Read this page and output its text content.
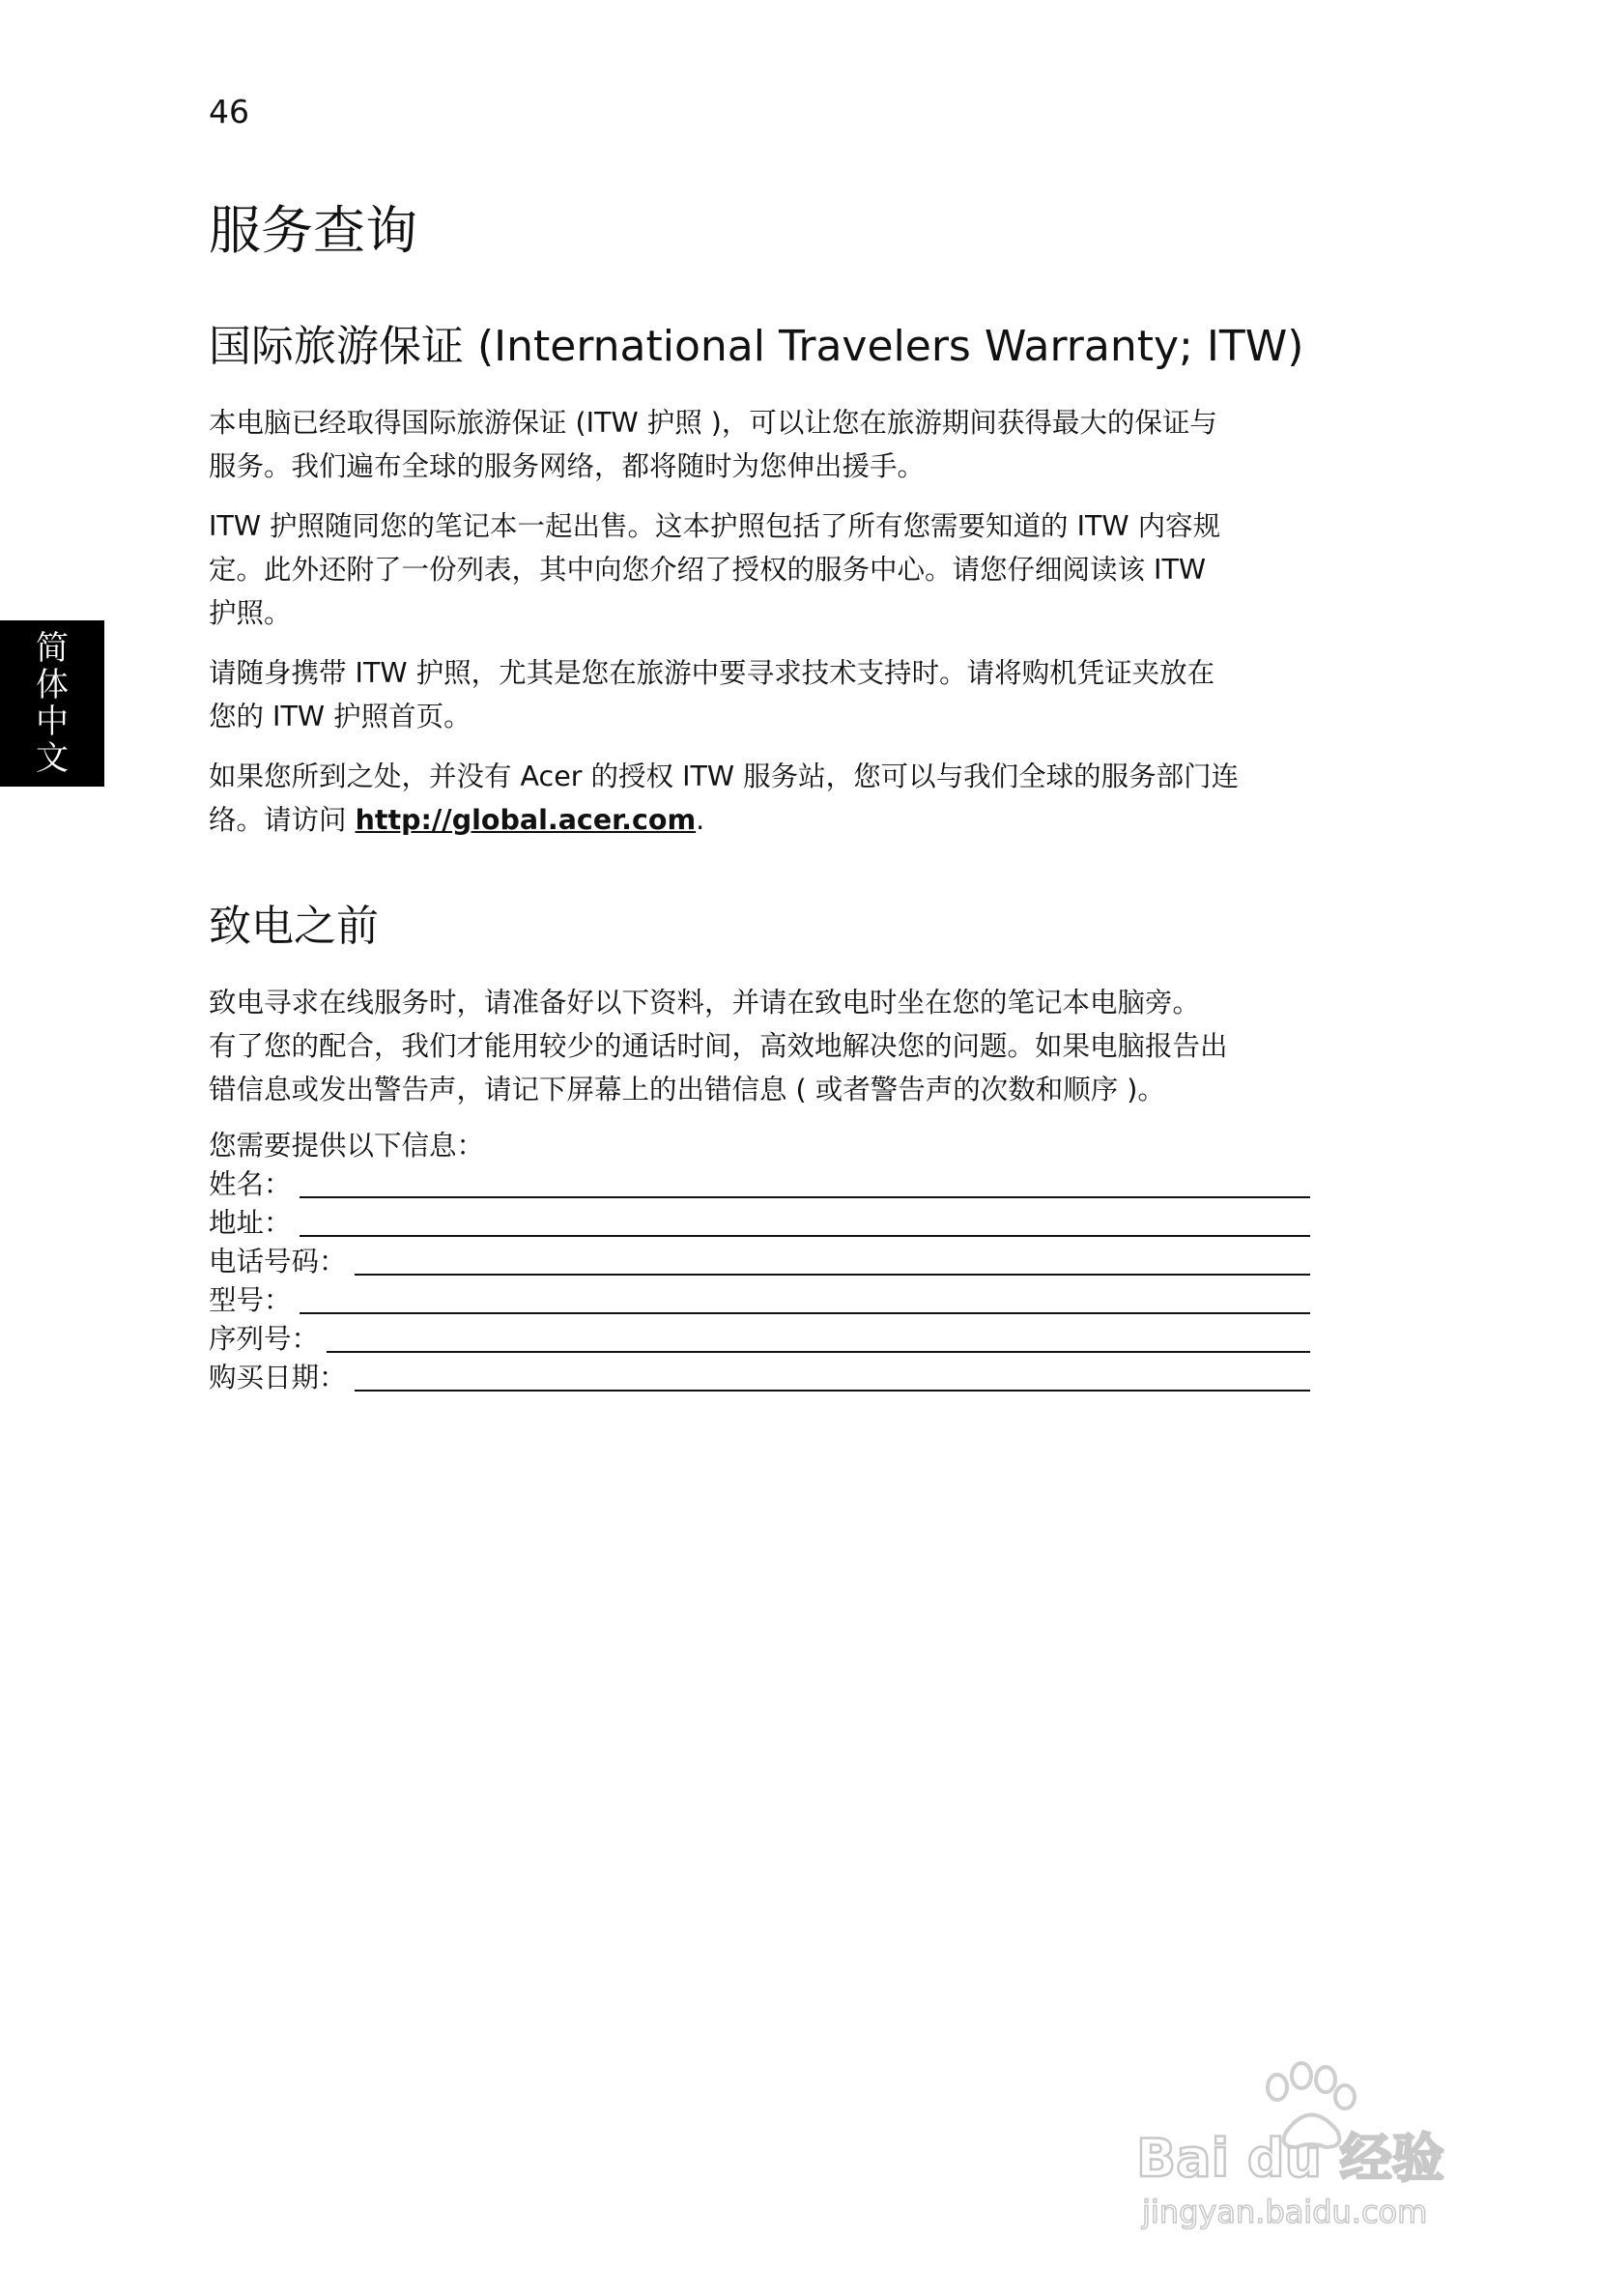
46
简
体
中
文
服务查询
国际旅游保证 (International Travelers Warranty; ITW)

本电脑已经取得国际旅游保证 (ITW 护照 )，可以让您在旅游期间获得最大的保证与
服务。我们遍布全球的服务网络，都将随时为您伸出援手。

ITW 护照随同您的笔记本一起出售。这本护照包括了所有您需要知道的 ITW 内容规
定。此外还附了一份列表，其中向您介绍了授权的服务中心。请您仔细阅读该 ITW
护照。

请随身携带 ITW 护照，尤其是您在旅游中要寻求技术支持时。请将购机凭证夹放在
您的 ITW 护照首页。

如果您所到之处，并没有 Acer 的授权 ITW 服务站，您可以与我们全球的服务部门连
络。请访问 http://global.acer.com.

致电之前

致电寻求在线服务时，请准备好以下资料，并请在致电时坐在您的笔记本电脑旁。
有了您的配合，我们才能用较少的通话时间，高效地解决您的问题。如果电脑报告出
错信息或发出警告声，请记下屏幕上的出错信息 ( 或者警告声的次数和顺序 )。

您需要提供以下信息：
姓名：
地址：
电话号码：
型号：
序列号：
购买日期：
Bai du 经验
jingyan.baidu.com
